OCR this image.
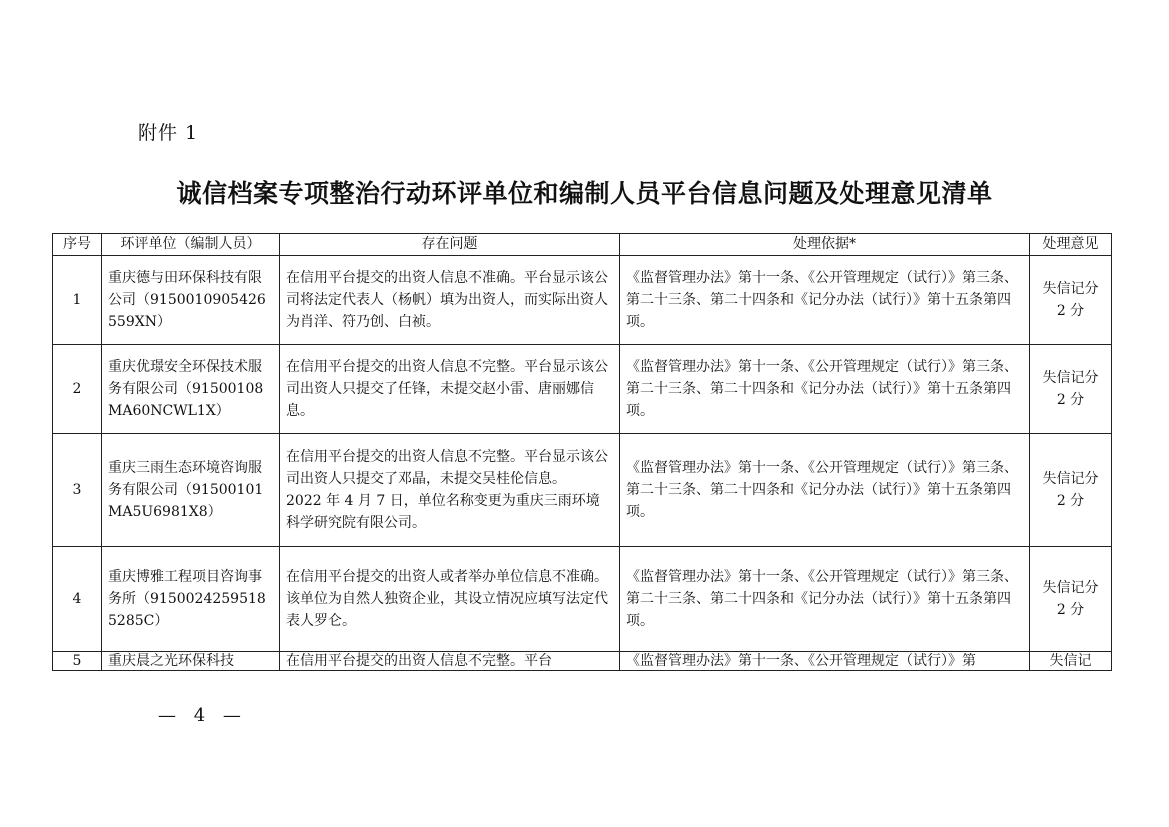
附件 1
诚信档案专项整治行动环评单位和编制人员平台信息问题及处理意见清单
序号	环评单位（编制人员）	存在问题	处理依据*	处理意见
1	重庆德与田环保科技有限公司（915001090542655​9XN）	在信用平台提交的出资人信息不准确。平台显示该公司将法定代表人（杨帆）填为出资人，而实际出资人为肖洋、符乃创、白祯。	《监督管理办法》第十一条、《公开管理规定（试行）》第三条、第二十三条、第二十四条和《记分办法（试行）》第十五条第四项。	失信记分 2 分
2	重庆优璟安全环保技术服务有限公司（91500108MA60NCWL1X）	在信用平台提交的出资人信息不完整。平台显示该公司出资人只提交了任锋，未提交赵小雷、唐丽娜信息。	《监督管理办法》第十一条、《公开管理规定（试行）》第三条、第二十三条、第二十四条和《记分办法（试行）》第十五条第四项。	失信记分 2 分
3	重庆三雨生态环境咨询服务有限公司（91500101MA5U6981X8）	在信用平台提交的出资人信息不完整。平台显示该公司出资人只提交了邓晶，未提交吴桂伦信息。
2022 年 4 月 7 日，单位名称变更为重庆三雨环境科学研究院有限公司。	《监督管理办法》第十一条、《公开管理规定（试行）》第三条、第二十三条、第二十四条和《记分办法（试行）》第十五条第四项。	失信记分 2 分
4	重庆博雅工程项目咨询事务所（91500242595185285C）	在信用平台提交的出资人或者举办单位信息不准确。该单位为自然人独资企业，其设立情况应填写法定代表人罗仑。	《监督管理办法》第十一条、《公开管理规定（试行）》第三条、第二十三条、第二十四条和《记分办法（试行）》第十五条第四项。	失信记分 2 分

5	重庆晨之光环保科技	在信用平台提交的出资人信息不完整。平台	《监督管理办法》第十一条、《公开管理规定（试行）》第	失信记
— 4 —
